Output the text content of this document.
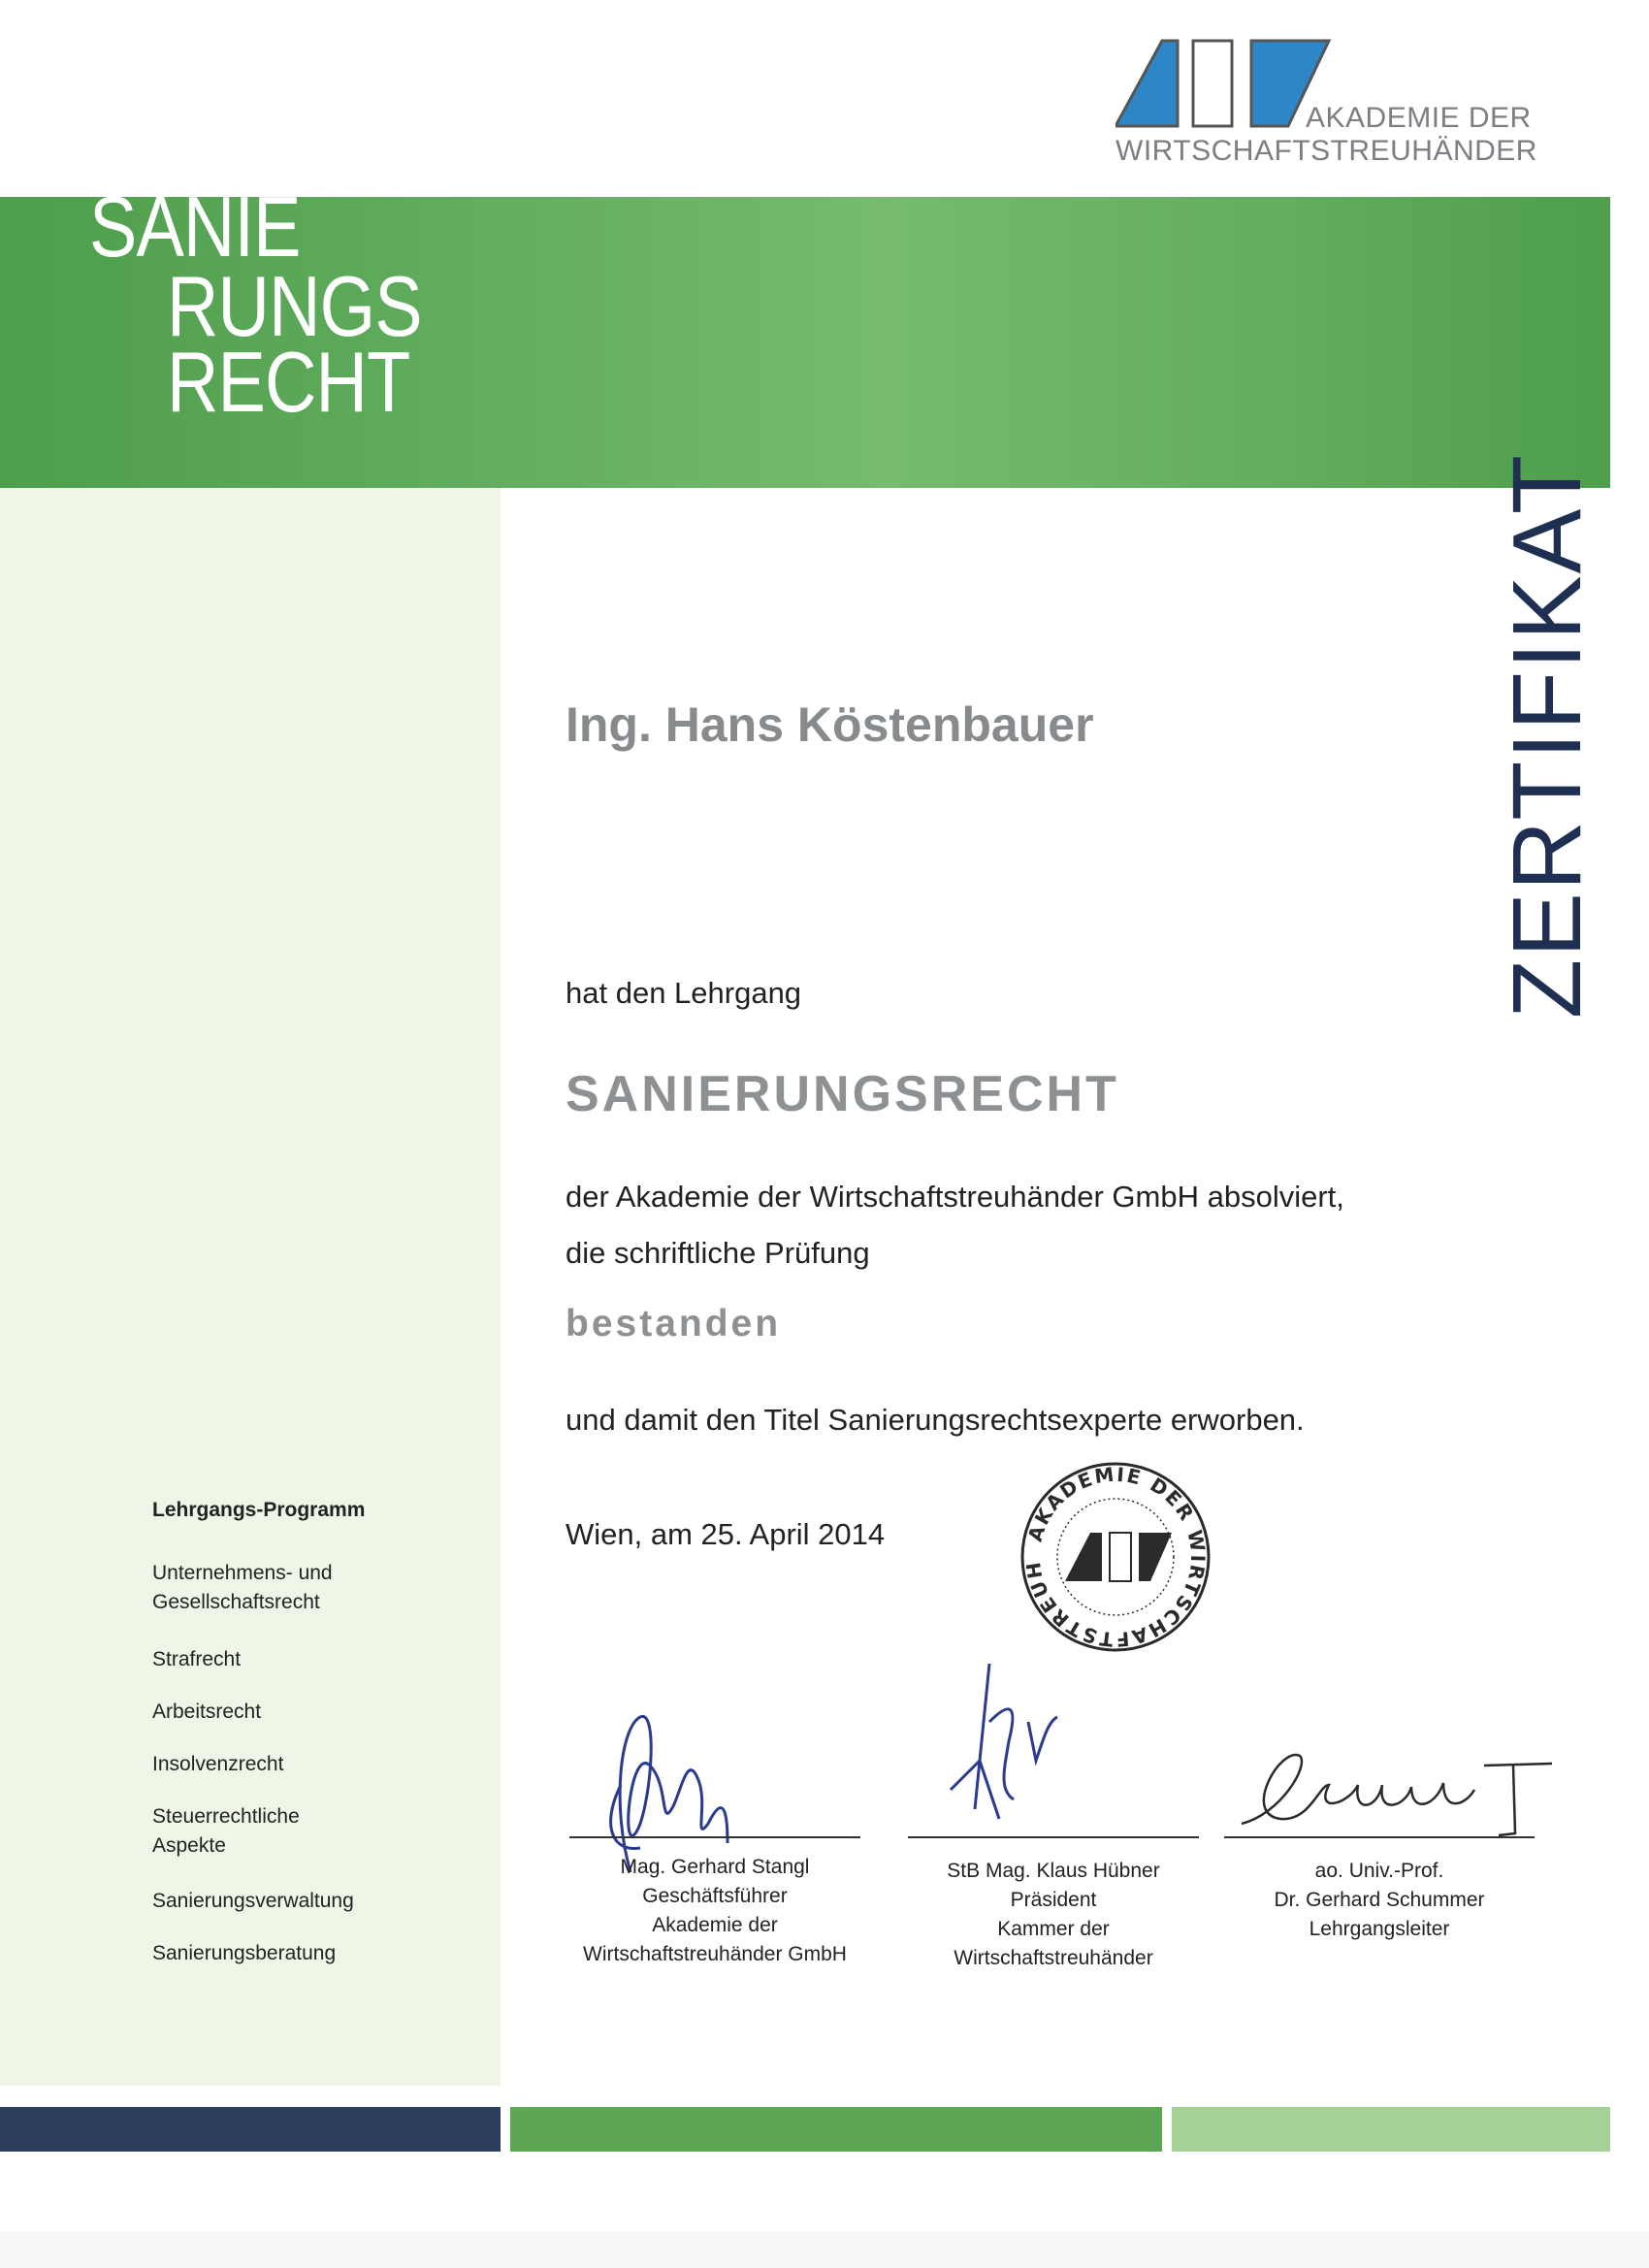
AKADEMIE DER
WIRTSCHAFTSTREUHÄNDER
SANIE
RUNGS
RECHT
Lehrgangs-Programm
Unternehmens- und Gesellschaftsrecht
Strafrecht
Arbeitsrecht
Insolvenzrecht
Steuerrechtliche Aspekte
Sanierungsverwaltung
Sanierungsberatung
ZERTIFIKAT
Ing. Hans Köstenbauer
hat den Lehrgang
SANIERUNGSRECHT
der Akademie der Wirtschaftstreuhänder GmbH absolviert,
die schriftliche Prüfung
bestanden
und damit den Titel Sanierungsrechtsexperte erworben.
Wien, am 25. April 2014	AKADEMIE DER WIRTSCHAFTSTREUH
Mag. Gerhard Stangl
Geschäftsführer
Akademie der
Wirtschaftstreuhänder GmbH
StB Mag. Klaus Hübner
Präsident
Kammer der
Wirtschaftstreuhänder
ao. Univ.-Prof.
Dr. Gerhard Schummer
Lehrgangsleiter
